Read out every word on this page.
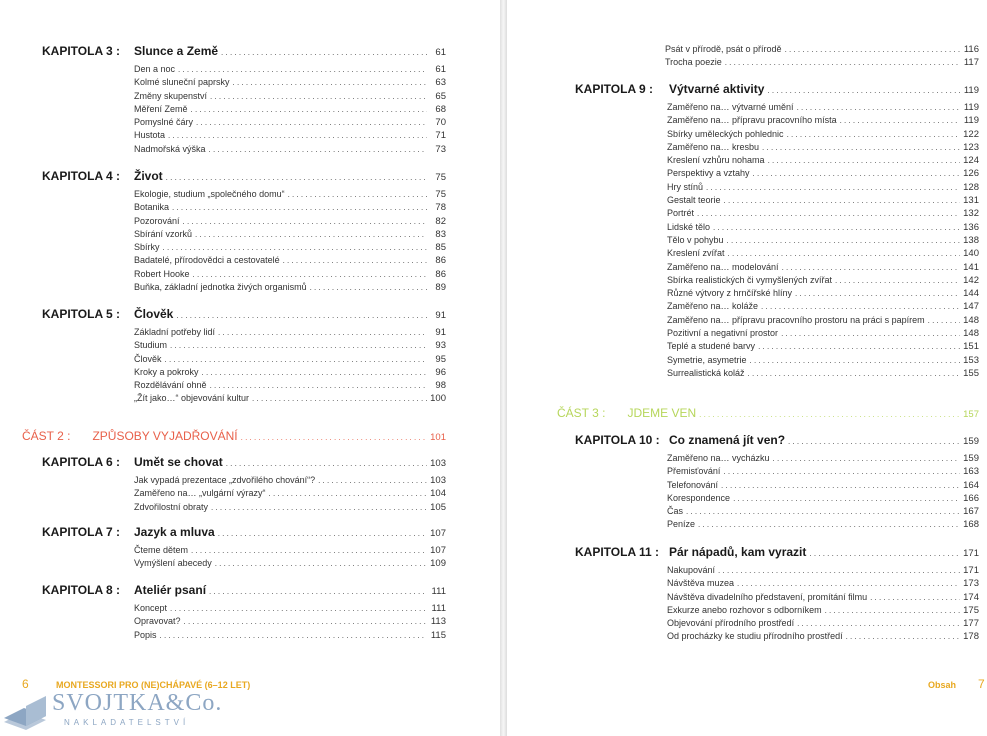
KAPITOLA 3 :	Slunce a Země . . .	61
Den a noc . . .	61
Kolmé sluneční paprsky . . .	63
Změny skupenství . . .	65
Měření Země . . .	68
Pomyslné čáry . . .	70
Hustota . . .	71
Nadmořská výška . . .	73
KAPITOLA 4 :	Život . . .	75
Ekologie, studium „společného domu“ . . .	75
Botanika . . .	78
Pozorování . . .	82
Sbírání vzorků . . .	83
Sbírky . . .	85
Badatelé, přírodovědci a cestovatelé . . .	86
Robert Hooke . . .	86
Buňka, základní jednotka živých organismů . . .	89
KAPITOLA 5 :	Člověk . . .	91
Základní potřeby lidí . . .	91
Studium . . .	93
Člověk . . .	95
Kroky a pokroky . . .	96
Rozdělávání ohně . . .	98
„Žít jako…“ objevování kultur . . .	100
ČÁST 2 :	ZPŮSOBY VYJADŘOVÁNÍ . . .	101
KAPITOLA 6 :	Umět se chovat . . .	103
Jak vypadá prezentace „zdvořilého chování“? . . .	103
Zaměřeno na… „vulgární výrazy“ . . .	104
Zdvořilostní obraty . . .	105
KAPITOLA 7 :	Jazyk a mluva . . .	107
Čteme dětem . . .	107
Vymýšlení abecedy . . .	109
KAPITOLA 8 :	Ateliér psaní . . .	111
Koncept . . .	111
Opravovat? . . .	113
Popis . . .	115
6	MONTESSORI PRO (NE)CHÁPAVÉ (6–12 LET)
SVOJTKA&Co.
NAKLADATELSTVÍ
Psát v přírodě, psát o přírodě . . .	116
Trocha poezie . . .	117
KAPITOLA 9 :	Výtvarné aktivity . . .	119
Zaměřeno na… výtvarné umění . . .	119
Zaměřeno na… přípravu pracovního místa . . .	119
Sbírky uměleckých pohlednic . . .	122
Zaměřeno na… kresbu . . .	123
Kreslení vzhůru nohama . . .	124
Perspektivy a vztahy . . .	126
Hry stínů . . .	128
Gestalt teorie . . .	131
Portrét . . .	132
Lidské tělo . . .	136
Tělo v pohybu . . .	138
Kreslení zvířat . . .	140
Zaměřeno na… modelování . . .	141
Sbírka realistických či vymyšlených zvířat . . .	142
Různé výtvory z hrnčířské hlíny . . .	144
Zaměřeno na… koláže . . .	147
Zaměřeno na… přípravu pracovního prostoru na práci s papírem . . .	148
Pozitivní a negativní prostor . . .	148
Teplé a studené barvy . . .	151
Symetrie, asymetrie . . .	153
Surrealistická koláž . . .	155
ČÁST 3 :	JDEME VEN . . .	157
KAPITOLA 10 : Co znamená jít ven? . . .	159
Zaměřeno na… vycházku . . .	159
Přemisťování . . .	163
Telefonování . . .	164
Korespondence . . .	166
Čas . . .	167
Peníze . . .	168
KAPITOLA 11 : Pár nápadů, kam vyrazit . . .	171
Nakupování . . .	171
Návštěva muzea . . .	173
Návštěva divadelního představení, promítání filmu . . .	174
Exkurze anebo rozhovor s odborníkem . . .	175
Objevování přírodního prostředí . . .	177
Od procházky ke studiu přírodního prostředí . . .	178
Obsah 7
